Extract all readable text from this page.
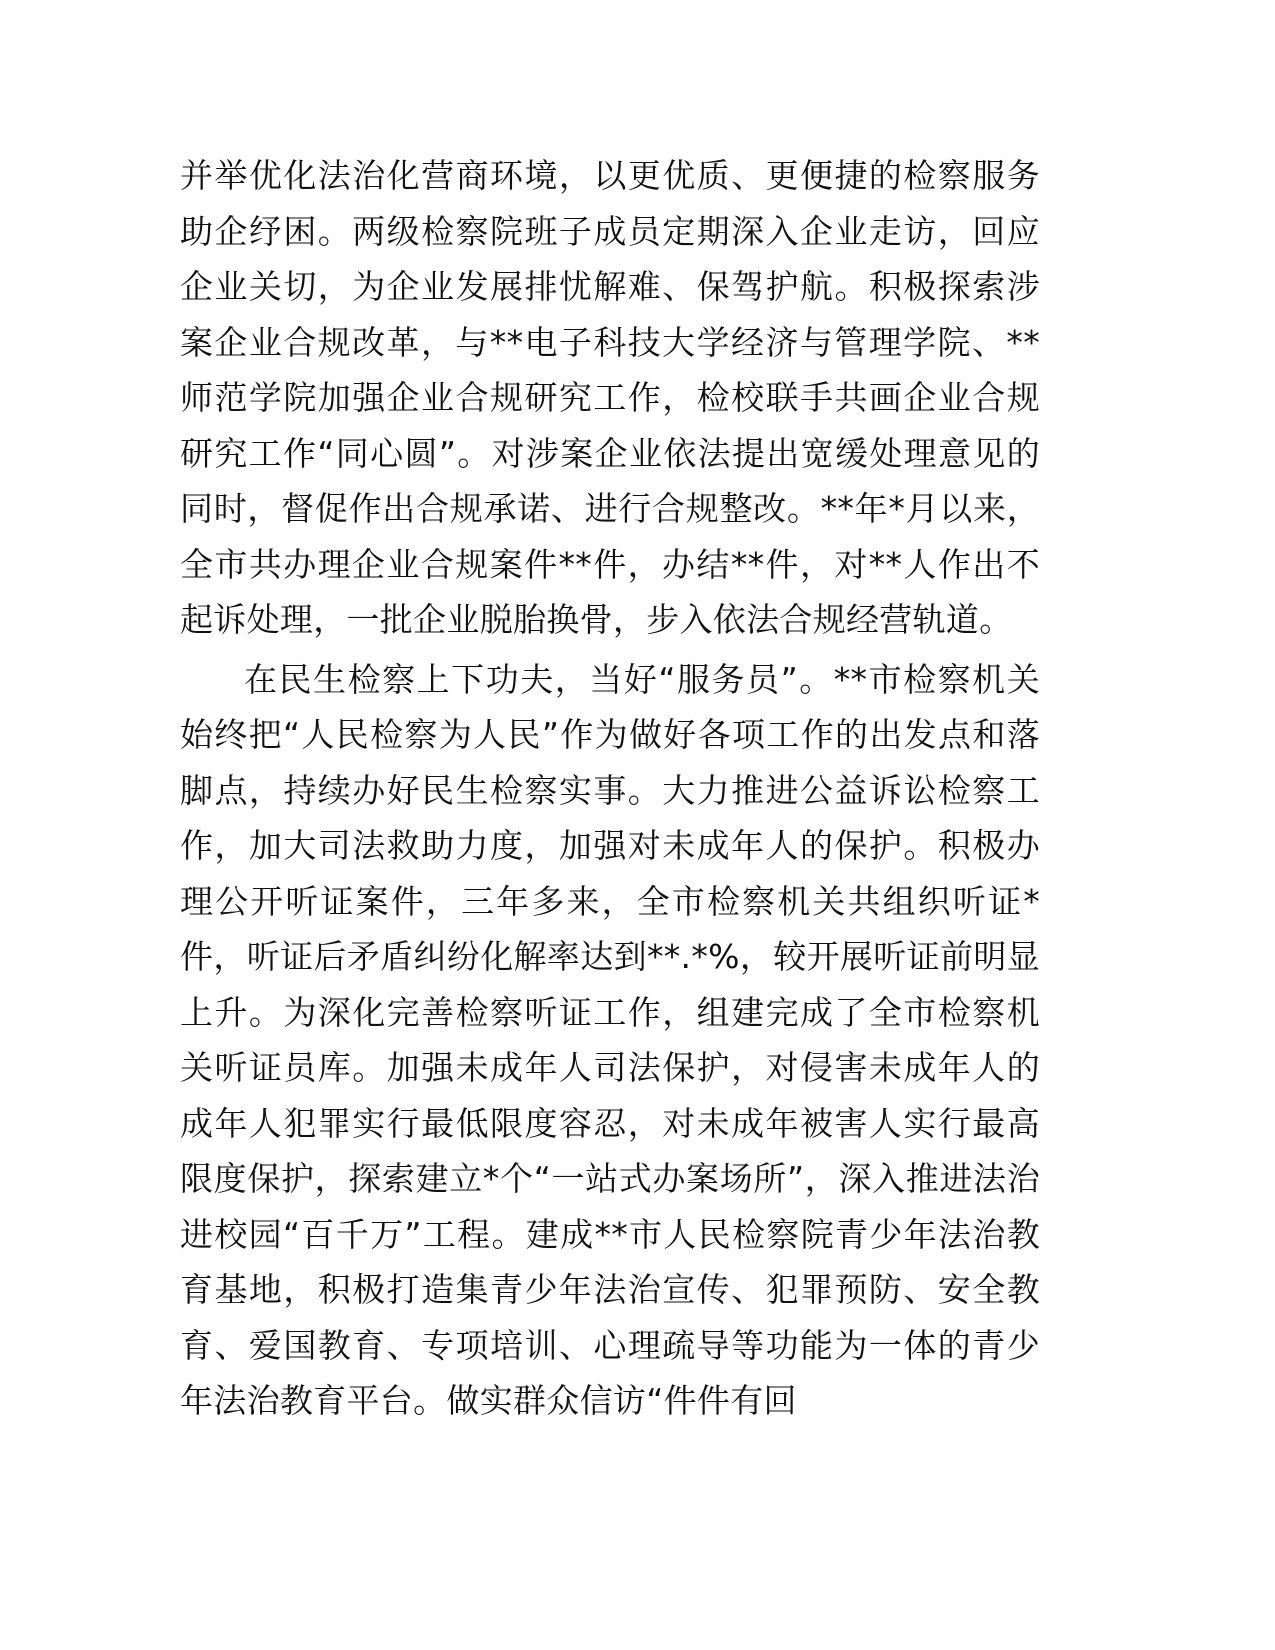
并举优化法治化营商环境，以更优质、更便捷的检察服务助企纾困。两级检察院班子成员定期深入企业走访，回应企业关切，为企业发展排忧解难、保驾护航。积极探索涉案企业合规改革，与**电子科技大学经济与管理学院、**师范学院加强企业合规研究工作，检校联手共画企业合规研究工作“同心圆”。对涉案企业依法提出宽缓处理意见的同时，督促作出合规承诺、进行合规整改。**年*月以来，全市共办理企业合规案件**件，办结**件，对**人作出不起诉处理，一批企业脱胎换骨，步入依法合规经营轨道。

在民生检察上下功夫，当好“服务员”。**市检察机关始终把“人民检察为人民”作为做好各项工作的出发点和落脚点，持续办好民生检察实事。大力推进公益诉讼检察工作，加大司法救助力度，加强对未成年人的保护。积极办理公开听证案件，三年多来，全市检察机关共组织听证*件，听证后矛盾纠纷化解率达到**.*%，较开展听证前明显上升。为深化完善检察听证工作，组建完成了全市检察机关听证员库。加强未成年人司法保护，对侵害未成年人的成年人犯罪实行最低限度容忍，对未成年被害人实行最高限度保护，探索建立*个“一站式办案场所”，深入推进法治进校园“百千万”工程。建成**市人民检察院青少年法治教育基地，积极打造集青少年法治宣传、犯罪预防、安全教育、爱国教育、专项培训、心理疏导等功能为一体的青少年法治教育平台。做实群众信访“件件有回
